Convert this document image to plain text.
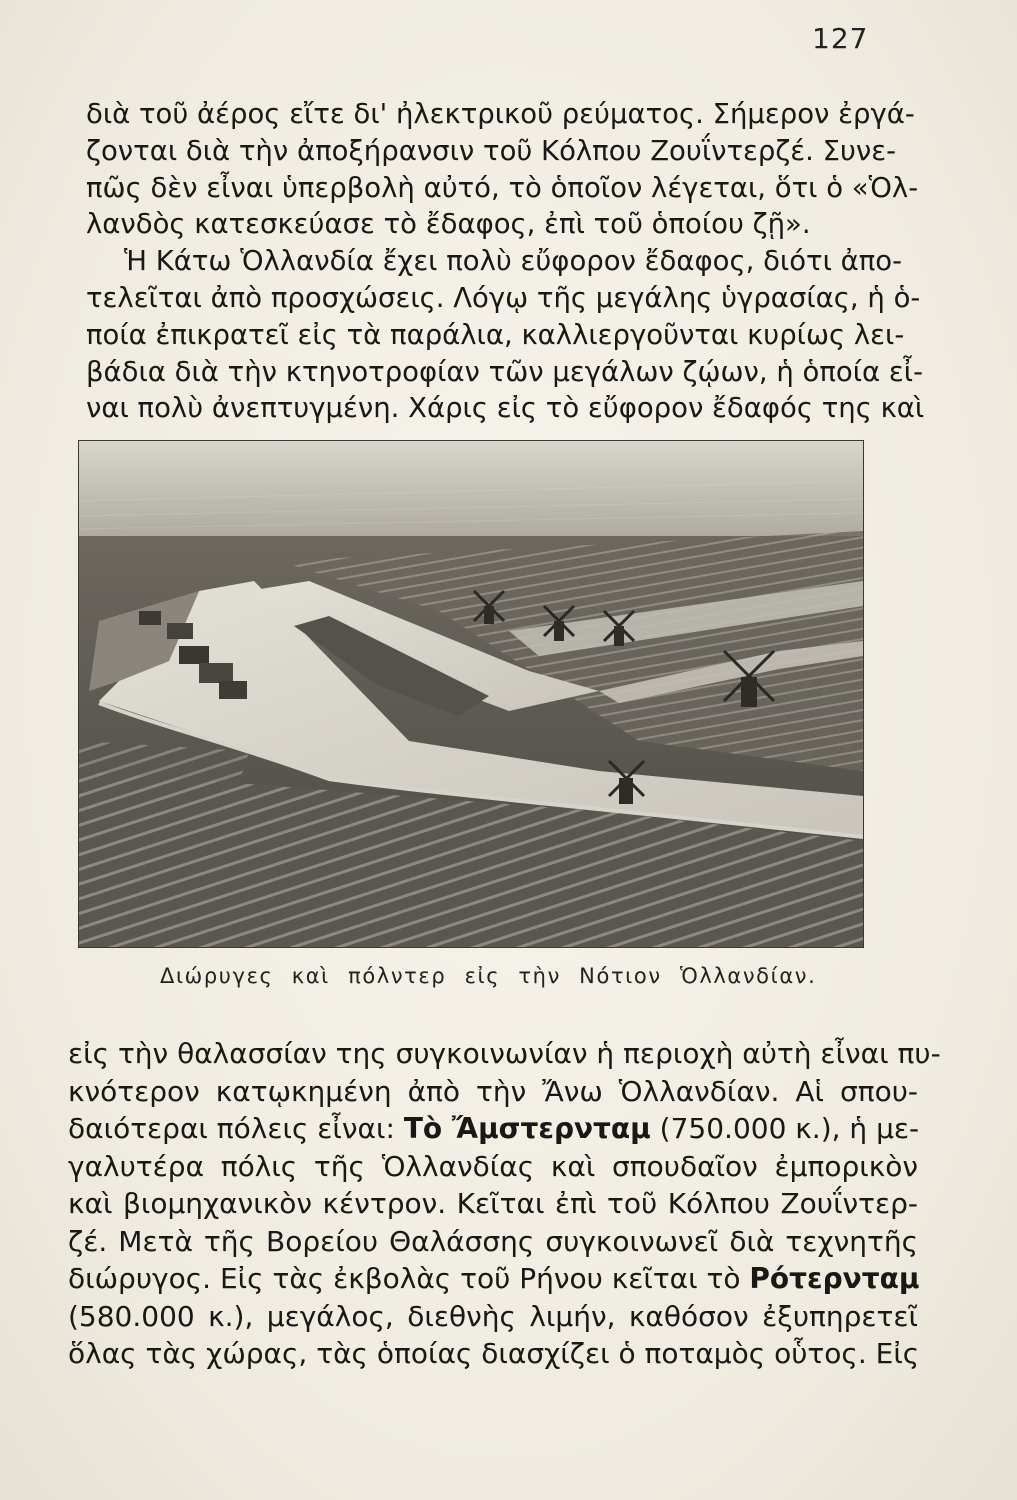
127

διὰ τοῦ ἀέρος εἴτε δι' ἠλεκτρικοῦ ρεύματος. Σήμερον ἐργά-
ζονται διὰ τὴν ἀποξήρανσιν τοῦ Κόλπου Ζουΐντερζέ. Συνε-
πῶς δὲν εἶναι ὑπερβολὴ αὐτό, τὸ ὁποῖον λέγεται, ὅτι ὁ «Ὁλ-
λανδὸς κατεσκεύασε τὸ ἔδαφος, ἐπὶ τοῦ ὁποίου ζῇ».
Ἡ Κάτω Ὁλλανδία ἔχει πολὺ εὔφορον ἔδαφος, διότι ἀπο-
τελεῖται ἀπὸ προσχώσεις. Λόγῳ τῆς μεγάλης ὑγρασίας, ἡ ὁ-
ποία ἐπικρατεῖ εἰς τὰ παράλια, καλλιεργοῦνται κυρίως λει-
βάδια διὰ τὴν κτηνοτροφίαν τῶν μεγάλων ζῴων, ἡ ὁποία εἶ-
ναι πολὺ ἀνεπτυγμένη. Χάρις εἰς τὸ εὔφορον ἔδαφός της καὶ

Διώρυγες καὶ πόλντερ εἰς τὴν Νότιον Ὁλλανδίαν.

εἰς τὴν θαλασσίαν της συγκοινωνίαν ἡ περιοχὴ αὐτὴ εἶναι πυ-
κνότερον κατῳκημένη ἀπὸ τὴν Ἄνω Ὁλλανδίαν. Αἱ σπου-
δαιότεραι πόλεις εἶναι: Τὸ Ἄμστερνταμ (750.000 κ.), ἡ με-
γαλυτέρα πόλις τῆς Ὁλλανδίας καὶ σπουδαῖον ἐμπορικὸν
καὶ βιομηχανικὸν κέντρον. Κεῖται ἐπὶ τοῦ Κόλπου Ζουΐντερ-
ζέ. Μετὰ τῆς Βορείου Θαλάσσης συγκοινωνεῖ διὰ τεχνητῆς
διώρυγος. Εἰς τὰς ἐκβολὰς τοῦ Ρήνου κεῖται τὸ Ρότερνταμ
(580.000 κ.), μεγάλος, διεθνὴς λιμήν, καθόσον ἐξυπηρετεῖ
ὅλας τὰς χώρας, τὰς ὁποίας διασχίζει ὁ ποταμὸς οὗτος. Εἰς
